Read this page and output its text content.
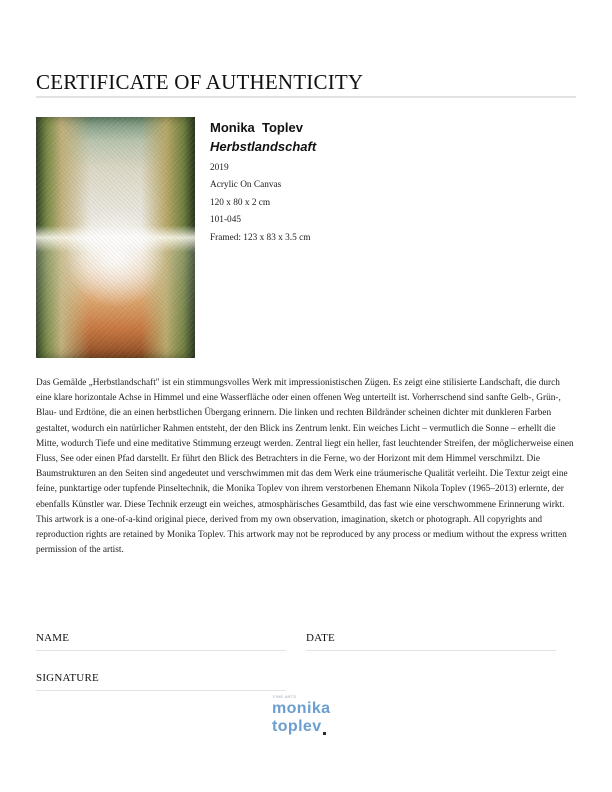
CERTIFICATE OF AUTHENTICITY
Monika  Toplev
Herbstlandschaft
2019
Acrylic On Canvas
120 x 80 x 2 cm
101-045
Framed: 123 x 83 x 3.5 cm

Das Gemälde „Herbstlandschaft" ist ein stimmungsvolles Werk mit impressionistischen Zügen. Es zeigt eine stilisierte Landschaft, die durch eine klare horizontale Achse in Himmel und eine Wasserfläche oder einen offenen Weg unterteilt ist. Vorherrschend sind sanfte Gelb-, Grün-, Blau- und Erdtöne, die an einen herbstlichen Übergang erinnern. Die linken und rechten Bildränder scheinen dichter mit dunkleren Farben gestaltet, wodurch ein natürlicher Rahmen entsteht, der den Blick ins Zentrum lenkt. Ein weiches Licht – vermutlich die Sonne – erhellt die Mitte, wodurch Tiefe und eine meditative Stimmung erzeugt werden. Zentral liegt ein heller, fast leuchtender Streifen, der möglicherweise einen Fluss, See oder einen Pfad darstellt. Er führt den Blick des Betrachters in die Ferne, wo der Horizont mit dem Himmel verschmilzt. Die Baumstrukturen an den Seiten sind angedeutet und verschwimmen mit das dem Werk eine träumerische Qualität verleiht. Die Textur zeigt eine feine, punktartige oder tupfende Pinseltechnik, die Monika Toplev von ihrem verstorbenen Ehemann Nikola Toplev (1965–2013) erlernte, der ebenfalls Künstler war. Diese Technik erzeugt ein weiches, atmosphärisches Gesamtbild, das fast wie eine verschwommene Erinnerung wirkt.

This artwork is a one-of-a-kind original piece, derived from my own observation, imagination, sketch or photograph. All copyrights and reproduction rights are retained by Monika Toplev. This artwork may not be reproduced by any process or medium without the express written permission of the artist.

NAME	DATE
SIGNATURE
FINE ARTS
monika
toplev
